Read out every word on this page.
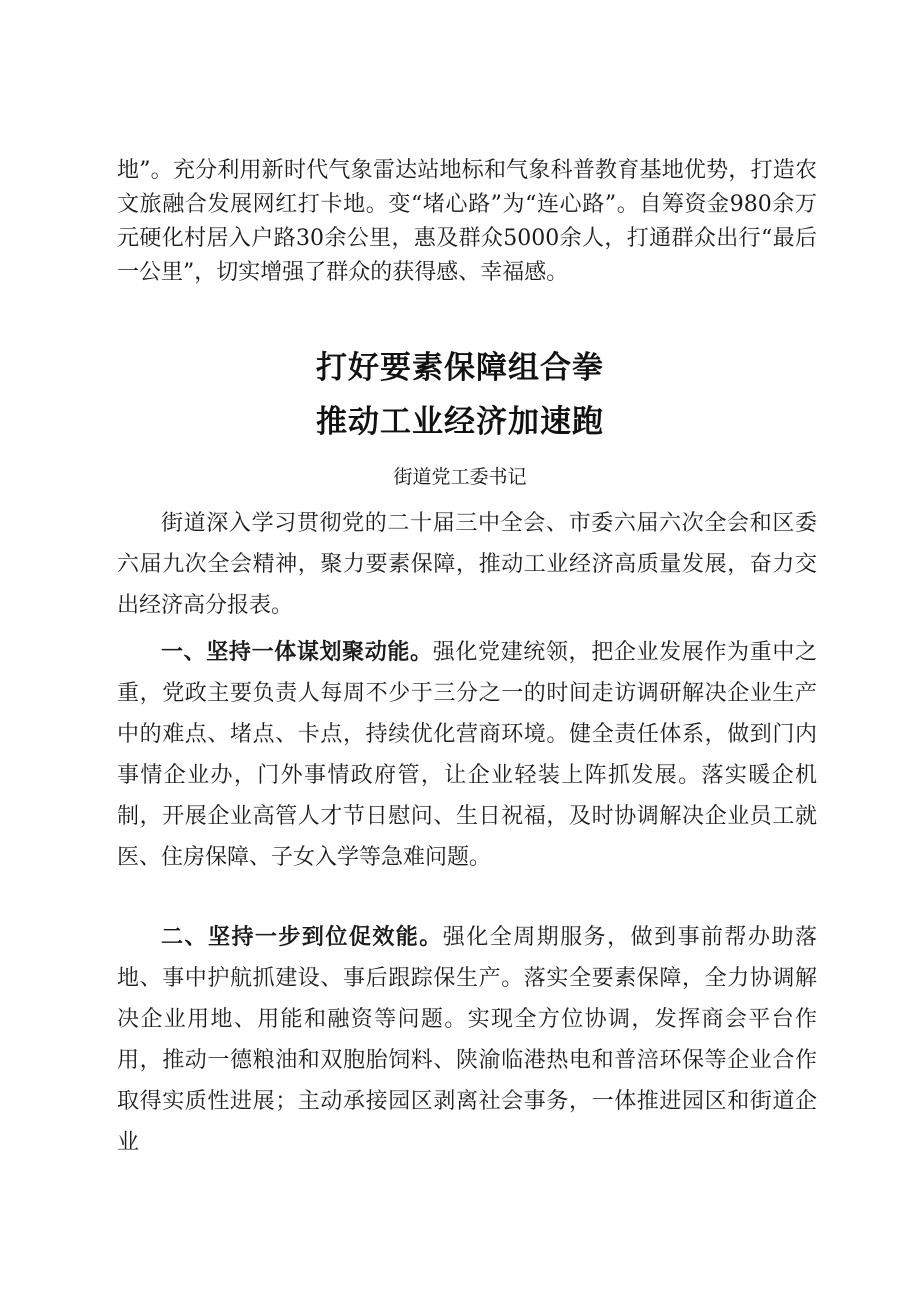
地”。充分利用新时代气象雷达站地标和气象科普教育基地优势，打造农文旅融合发展网红打卡地。变“堵心路”为“连心路”。自筹资金980余万元硬化村居入户路30余公里，惠及群众5000余人，打通群众出行“最后一公里”，切实增强了群众的获得感、幸福感。

打好要素保障组合拳
推动工业经济加速跑

街道党工委书记

街道深入学习贯彻党的二十届三中全会、市委六届六次全会和区委六届九次全会精神，聚力要素保障，推动工业经济高质量发展，奋力交出经济高分报表。

一、坚持一体谋划聚动能。强化党建统领，把企业发展作为重中之重，党政主要负责人每周不少于三分之一的时间走访调研解决企业生产中的难点、堵点、卡点，持续优化营商环境。健全责任体系，做到门内事情企业办，门外事情政府管，让企业轻装上阵抓发展。落实暖企机制，开展企业高管人才节日慰问、生日祝福，及时协调解决企业员工就医、住房保障、子女入学等急难问题。

二、坚持一步到位促效能。强化全周期服务，做到事前帮办助落地、事中护航抓建设、事后跟踪保生产。落实全要素保障，全力协调解决企业用地、用能和融资等问题。实现全方位协调，发挥商会平台作用，推动一德粮油和双胞胎饲料、陕渝临港热电和普涪环保等企业合作取得实质性进展；主动承接园区剥离社会事务，一体推进园区和街道企业
